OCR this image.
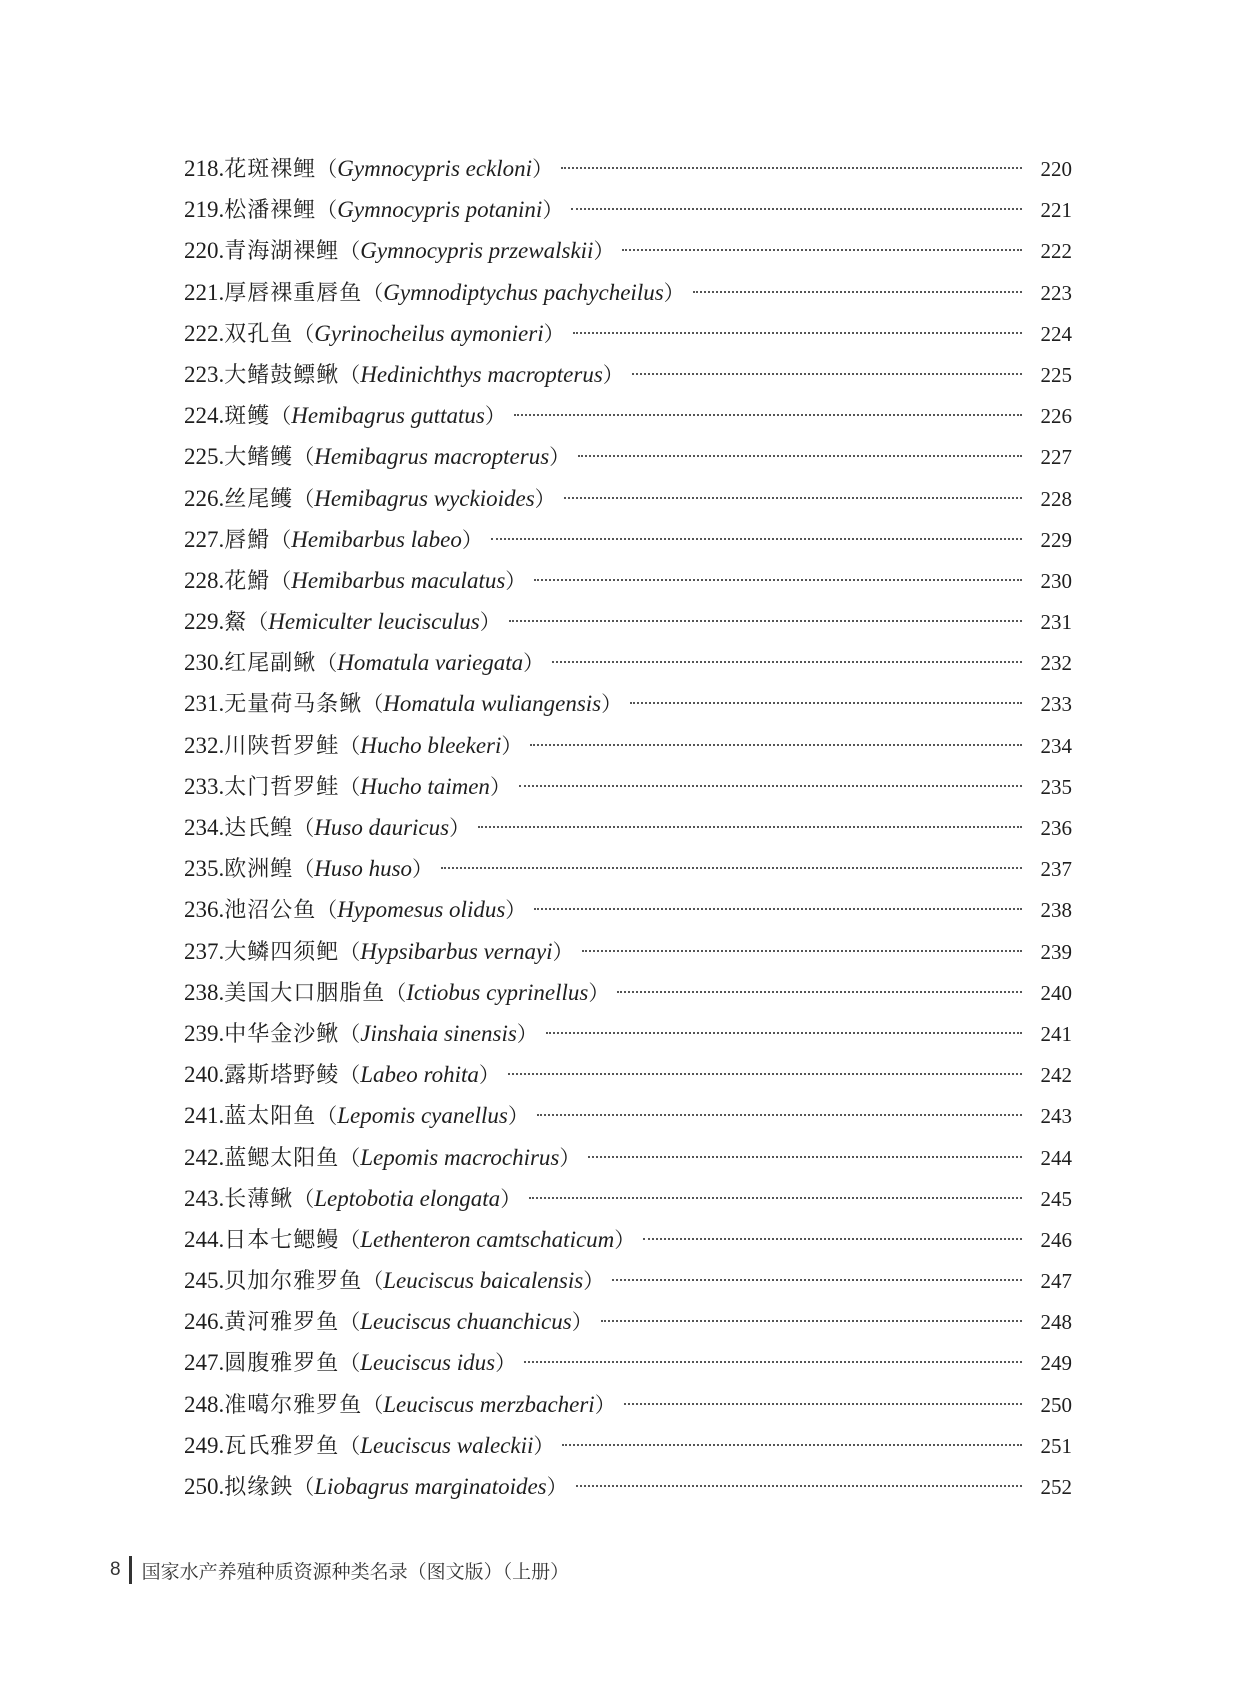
218. 花斑裸鲤 （ Gymnocypris eckloni ）	220
219. 松潘裸鲤 （ Gymnocypris potanini ）	221
220. 青海湖裸鲤 （ Gymnocypris przewalskii ）	222
221. 厚唇裸重唇鱼 （ Gymnodiptychus pachycheilus ）	223
222. 双孔鱼 （ Gyrinocheilus aymonieri ）	224
223. 大鳍鼓鳔鳅 （ Hedinichthys macropterus ）	225
224. 斑鳠 （ Hemibagrus guttatus ）	226
225. 大鳍鳠 （ Hemibagrus macropterus ）	227
226. 丝尾鳠 （ Hemibagrus wyckioides ）	228
227. 唇䱻 （ Hemibarbus labeo ）	229
228. 花䱻 （ Hemibarbus maculatus ）	230
229. 䱗 （ Hemiculter leucisculus ）	231
230. 红尾副鳅 （ Homatula variegata ）	232
231. 无量荷马条鳅 （ Homatula wuliangensis ）	233
232. 川陕哲罗鲑 （ Hucho bleekeri ）	234
233. 太门哲罗鲑 （ Hucho taimen ）	235
234. 达氏鳇 （ Huso dauricus ）	236
235. 欧洲鳇 （ Huso huso ）	237
236. 池沼公鱼 （ Hypomesus olidus ）	238
237. 大鳞四须鲃 （ Hypsibarbus vernayi ）	239
238. 美国大口胭脂鱼 （ Ictiobus cyprinellus ）	240
239. 中华金沙鳅 （ Jinshaia sinensis ）	241
240. 露斯塔野鲮 （ Labeo rohita ）	242
241. 蓝太阳鱼 （ Lepomis cyanellus ）	243
242. 蓝鳃太阳鱼 （ Lepomis macrochirus ）	244
243. 长薄鳅 （ Leptobotia elongata ）	245
244. 日本七鳃鳗 （ Lethenteron camtschaticum ）	246
245. 贝加尔雅罗鱼 （ Leuciscus baicalensis ）	247
246. 黄河雅罗鱼 （ Leuciscus chuanchicus ）	248
247. 圆腹雅罗鱼 （ Leuciscus idus ）	249
248. 准噶尔雅罗鱼 （ Leuciscus merzbacheri ）	250
249. 瓦氏雅罗鱼 （ Leuciscus waleckii ）	251
250. 拟缘鉠 （ Liobagrus marginatoides ）	252
8 国家水产养殖种质资源种类名录（图文版）（上册）
